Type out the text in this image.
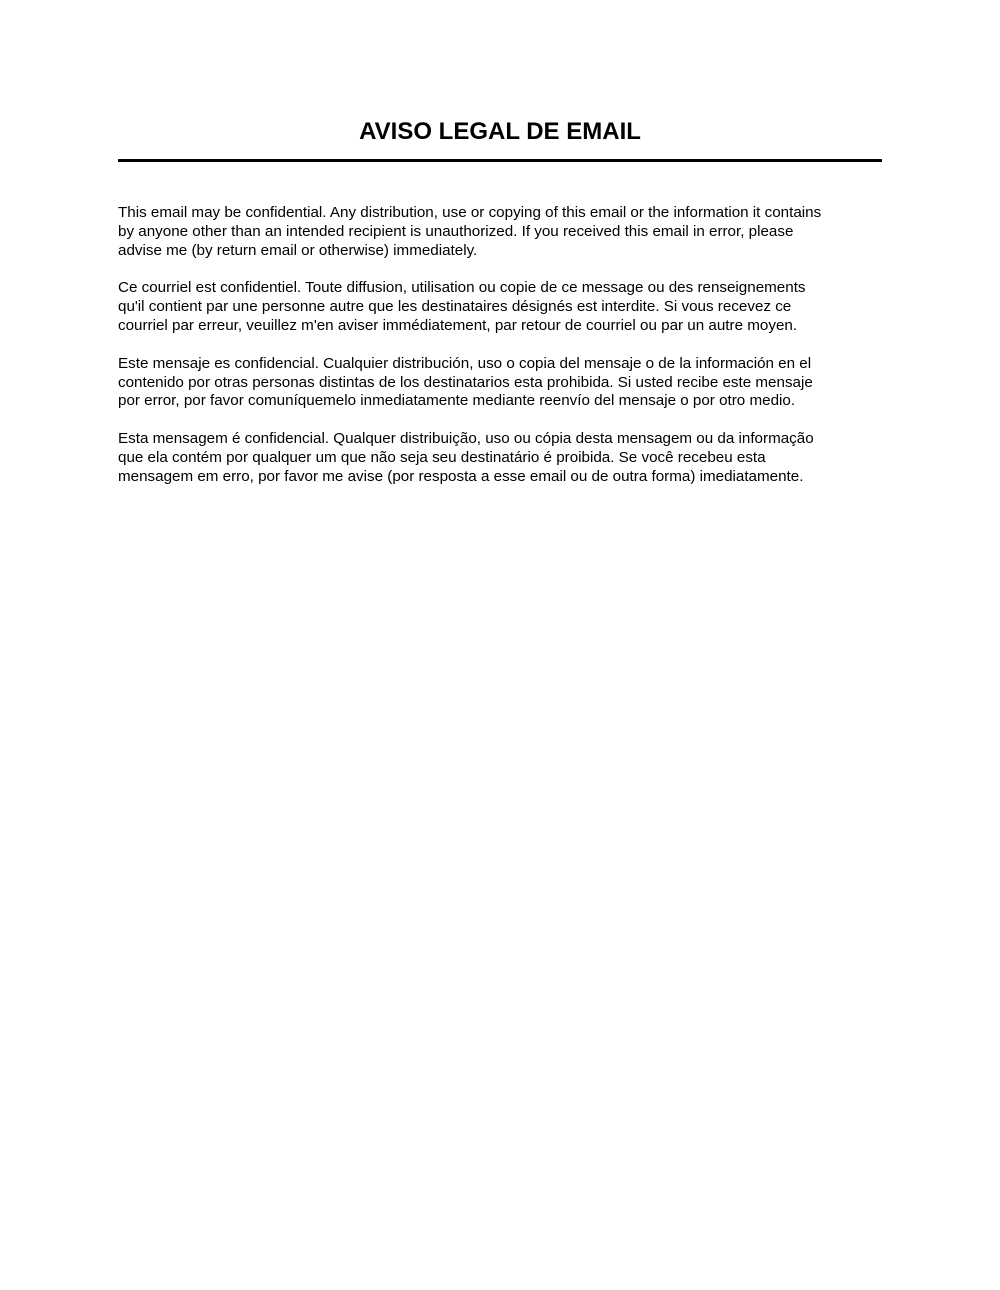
AVISO LEGAL DE EMAIL

This email may be confidential. Any distribution, use or copying of this email or the information it contains
by anyone other than an intended recipient is unauthorized. If you received this email in error, please
advise me (by return email or otherwise) immediately.

Ce courriel est confidentiel. Toute diffusion, utilisation ou copie de ce message ou des renseignements
qu'il contient par une personne autre que les destinataires désignés est interdite. Si vous recevez ce
courriel par erreur, veuillez m'en aviser immédiatement, par retour de courriel ou par un autre moyen.

Este mensaje es confidencial. Cualquier distribución, uso o copia del mensaje o de la información en el
contenido por otras personas distintas de los destinatarios esta prohibida. Si usted recibe este mensaje
por error, por favor comuníquemelo inmediatamente mediante reenvío del mensaje o por otro medio.

Esta mensagem é confidencial. Qualquer distribuição, uso ou cópia desta mensagem ou da informação
que ela contém por qualquer um que não seja seu destinatário é proibida. Se você recebeu esta
mensagem em erro, por favor me avise (por resposta a esse email ou de outra forma) imediatamente.
